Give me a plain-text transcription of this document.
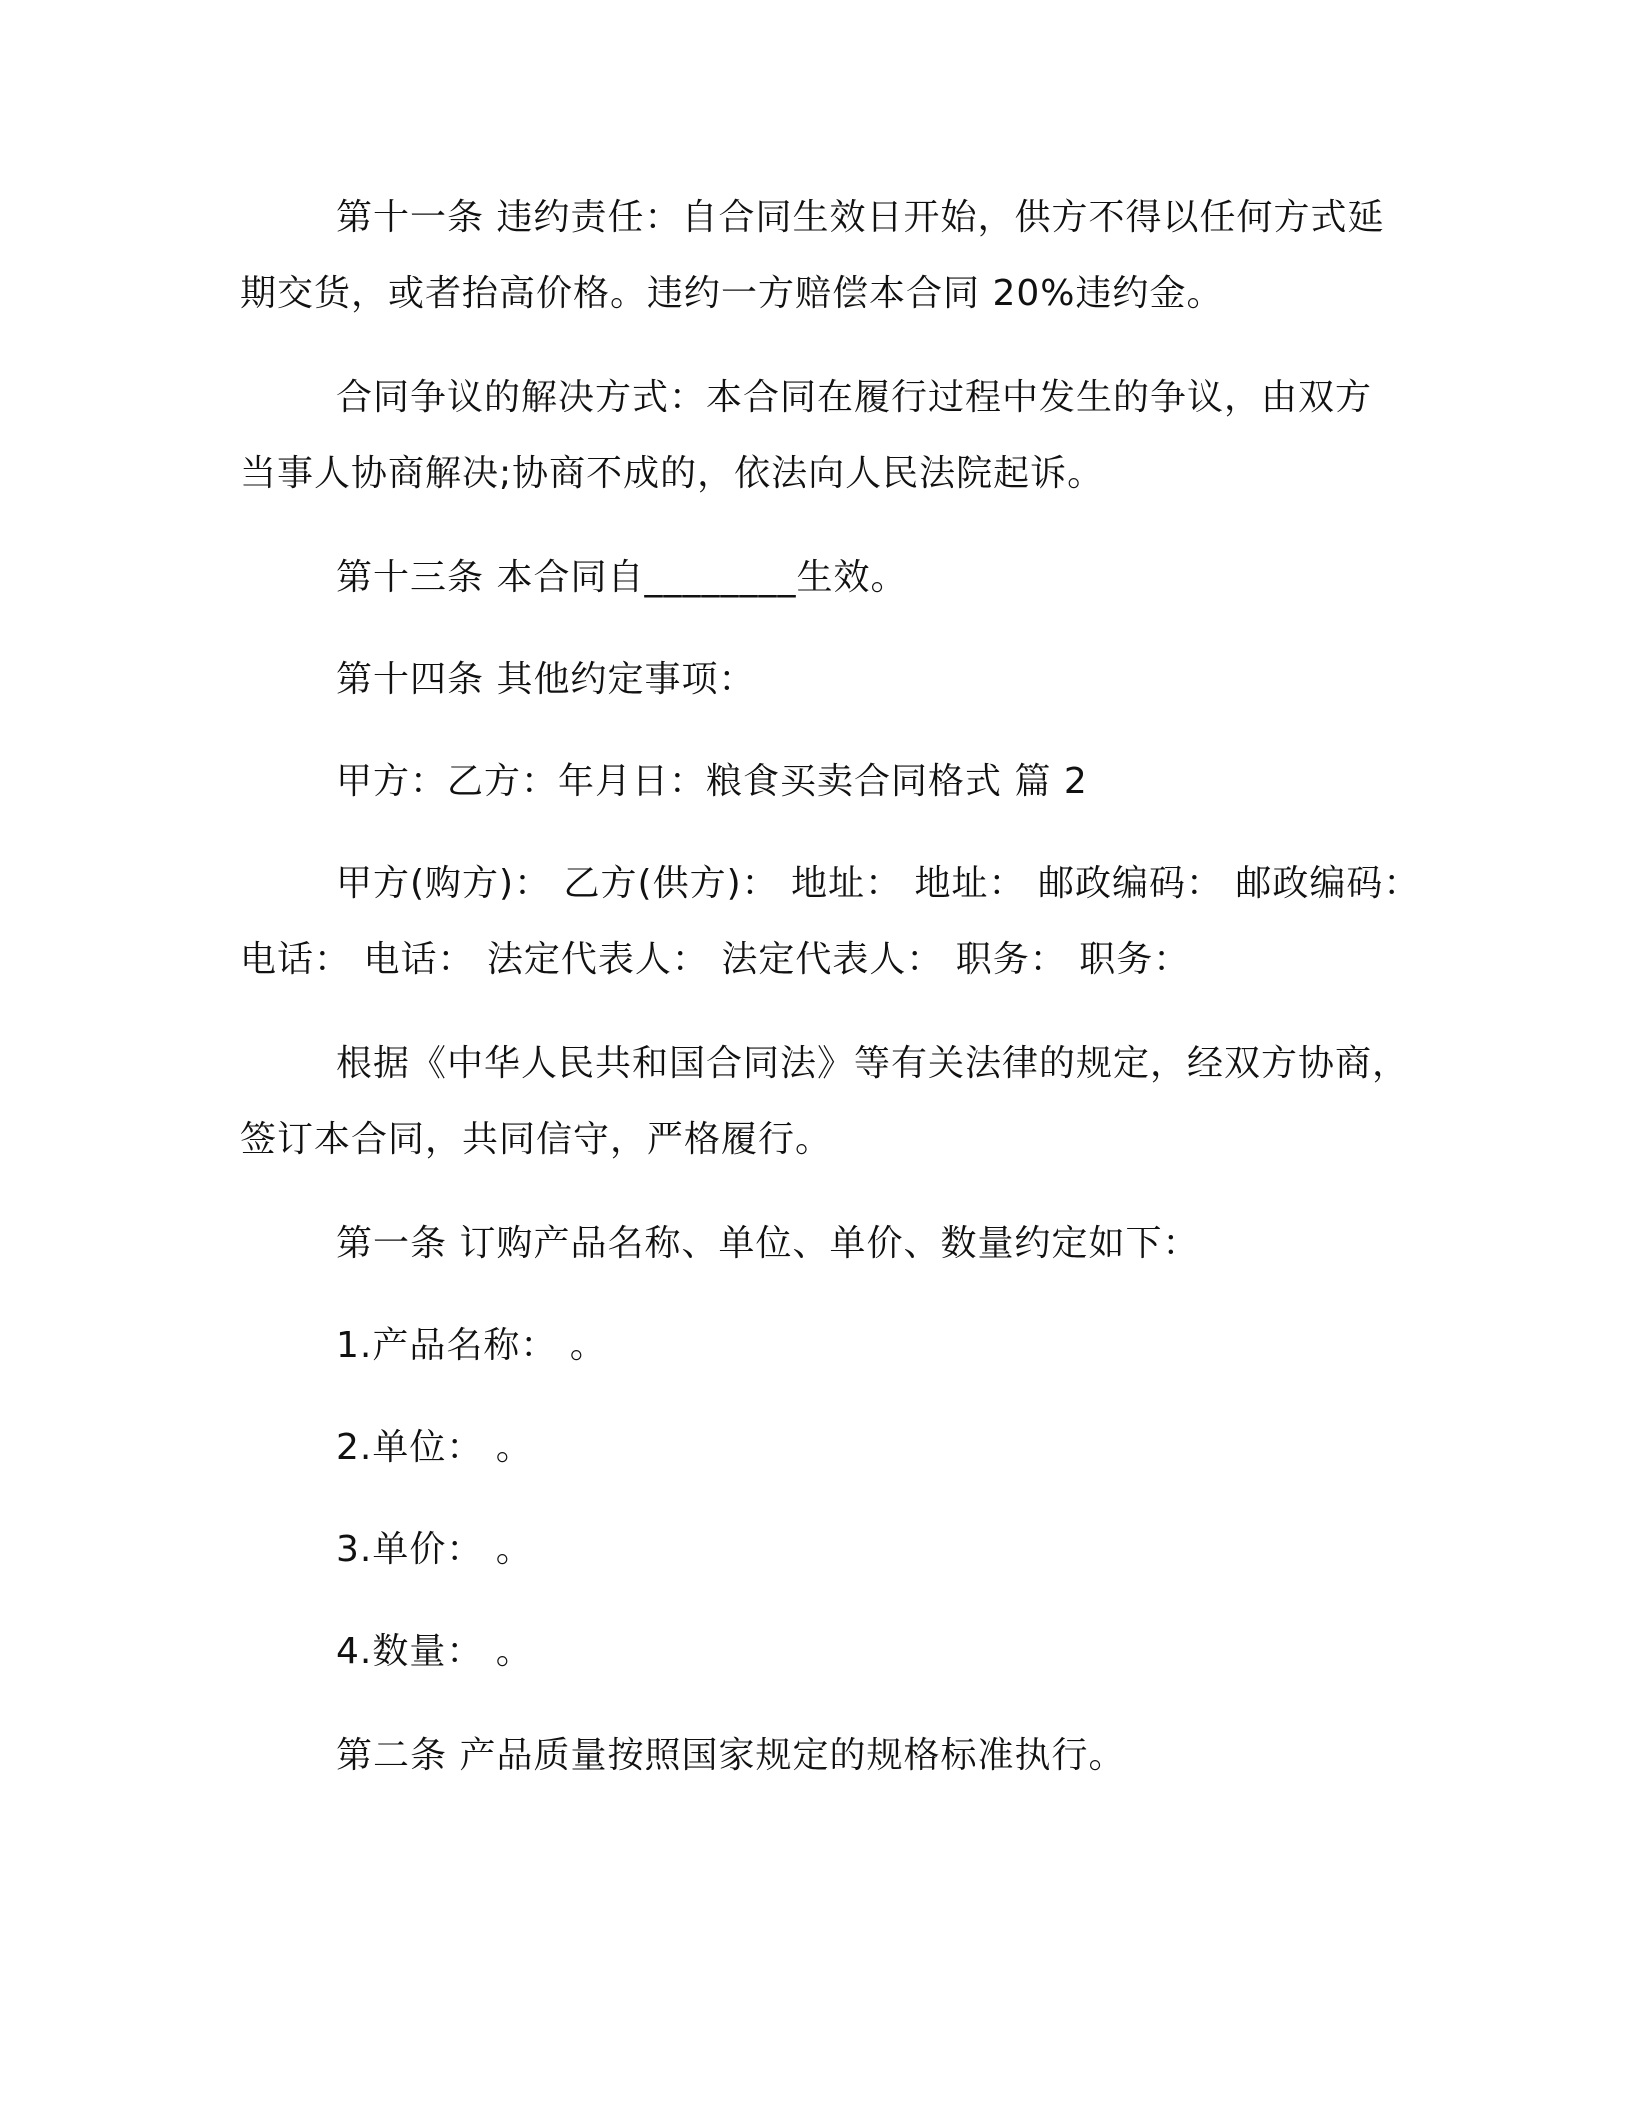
第十一条 违约责任：自合同生效日开始，供方不得以任何方式延
期交货，或者抬高价格。违约一方赔偿本合同 20%违约金。
合同争议的解决方式：本合同在履行过程中发生的争议，由双方
当事人协商解决;协商不成的，依法向人民法院起诉。
第十三条 本合同自________生效。
第十四条 其他约定事项：
甲方：乙方：年月日：粮食买卖合同格式 篇 2
甲方(购方)： 乙方(供方)： 地址： 地址： 邮政编码： 邮政编码：
电话： 电话： 法定代表人： 法定代表人： 职务： 职务：
根据《中华人民共和国合同法》等有关法律的规定，经双方协商，
签订本合同，共同信守，严格履行。
第一条 订购产品名称、单位、单价、数量约定如下：
1.产品名称： 。
2.单位： 。
3.单价： 。
4.数量： 。
第二条 产品质量按照国家规定的规格标准执行。
